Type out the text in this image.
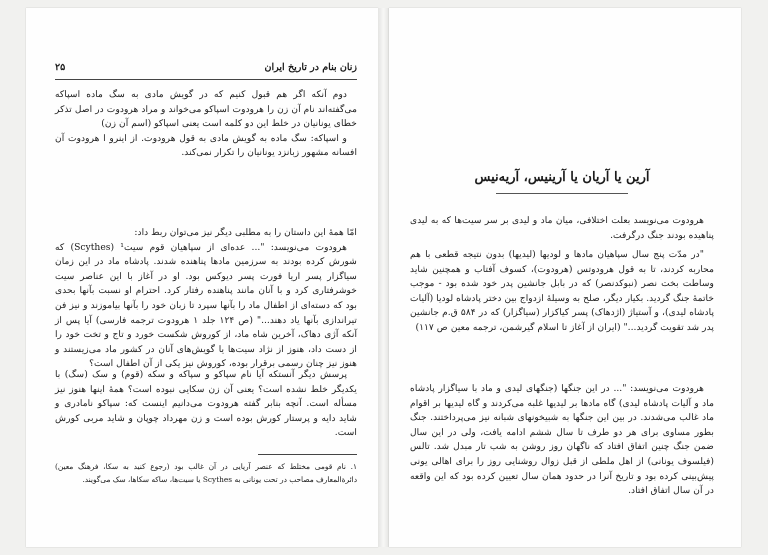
۲۵	زنان بنام در تاریخ ایران

دوم آنکه اگر هم قبول کنیم که در گویش مادی به سگ ماده اسپاکه می‌گفته‌اند نام آن زن را هرودوت اسپاکو می‌خواند و مراد هرودوت در اصل تذکر خطای یونانیان در خلط این دو کلمه است یعنی اسپاکو (اسم آن زن)

و اسپاکه: سگ ماده به گویش مادی به قول هرودوت. از اینرو ا هرودوت آن افسانه مشهور زبانزد یونانیان را تکرار نمی‌کند.

امّا همهٔ این داستان را به مطلبی دیگر نیز می‌توان ربط داد:

هرودوت می‌نویسد: "... عده‌ای از سپاهیان قوم سیت¹ (Scythes) که شورش کرده بودند به سرزمین مادها پناهنده شدند. پادشاه ماد در این زمان سیاگزار پسر اریا فورت پسر دیوکس بود. او در آغاز با این عناصر سیت خوشرفتاری کرد و با آنان مانند پناهنده رفتار کرد. احترام او نسبت بآنها بحدی بود که دسته‌ای از اطفال ماد را بآنها سپرد تا زبان خود را بآنها بیاموزند و نیز فن تیراندازی بآنها یاد دهند..." (ص ۱۲۴ جلد ۱ هرودوت ترجمه فارسی) آیا پس از آنکه آژی دهاک، آخرین شاه ماد، از کوروش شکست خورد و تاج و تخت خود را از دست داد، هنوز از نژاد سیت‌ها یا گویش‌های آنان در کشور ماد می‌زیستند و هنوز نیز چنان رسمی برقرار بوده، کوروش نیز یکی از آن اطفال است؟

پرسش دیگر آنستکه آیا نام سپاکو و سپاکه و سکه (قوم) و سک (سگ) با یکدیگر خلط نشده است؟ یعنی آن زن سکایی نبوده است؟ همهٔ اینها هنوز نیز مسأله است. آنچه بنابر گفته هرودوت می‌دانیم اینست که: سپاکو نامادری و شاید دایه و پرستار کورش بوده است و زن مهرداد چوپان و شاید مربی کورش است.

۱. نام قومی مختلط که عنصر آریایی در آن غالب بود (رجوع کنید به سکا، فرهنگ معین) دائرةالمعارف مصاحب در تحت یونانی به Scythes یا سیت‌ها، ساکه سکاها، سک می‌گویند.
آرین یا آریان یا آرینیس، آریه‌نیس

هرودوت می‌نویسد بعلت اختلافی، میان ماد و لیدی بر سر سیت‌ها که به لیدی پناهیده بودند جنگ درگرفت.

"در مدّت پنج سال سپاهیان مادها و لودیها (لیدیها) بدون نتیجه قطعی با هم محاربه کردند، تا به قول هرودوتس (هرودوت)، کسوف آفتاب و همچنین شاید وساطت بخت نصر (نبوکدنصر) که در بابل جانشین پدر خود شده بود - موجب خاتمهٔ جنگ گردید. بکیار دیگر، صلح به وسیلهٔ ازدواج بین دختر پادشاه لودیا (آلیات پادشاه لیدی)، و آستیاژ (اژدهاک) پسر کیاکزار (سیاگزار) که در ۵۸۴ ق.م جانشین پدر شد تقویت گردید..." (ایران از آغاز تا اسلام گیرشمن، ترجمه معین ص ۱۱۷)

هرودوت می‌نویسد: "... در این جنگها (جنگهای لیدی و ماد با سیاگزار پادشاه ماد و آلیات پادشاه لیدی) گاه مادها بر لیدیها غلبه می‌کردند و گاه لیدیها بر اقوام ماد غالب می‌شدند. در بین این جنگها به شبیخونهای شبانه نیز می‌پرداختند. جنگ بطور مساوی برای هر دو طرف تا سال ششم ادامه یافت، ولی در این سال ضمن جنگ چنین اتفاق افتاد که ناگهان روز روشن به شب تار مبدل شد. تالس (فیلسوف یونانی) از اهل ملطی از قبل زوال روشنایی روز را برای اهالی یونی پیش‌بینی کرده بود و تاریخ آنرا در حدود همان سال تعیین کرده بود که این واقعه در آن سال اتفاق افتاد.
